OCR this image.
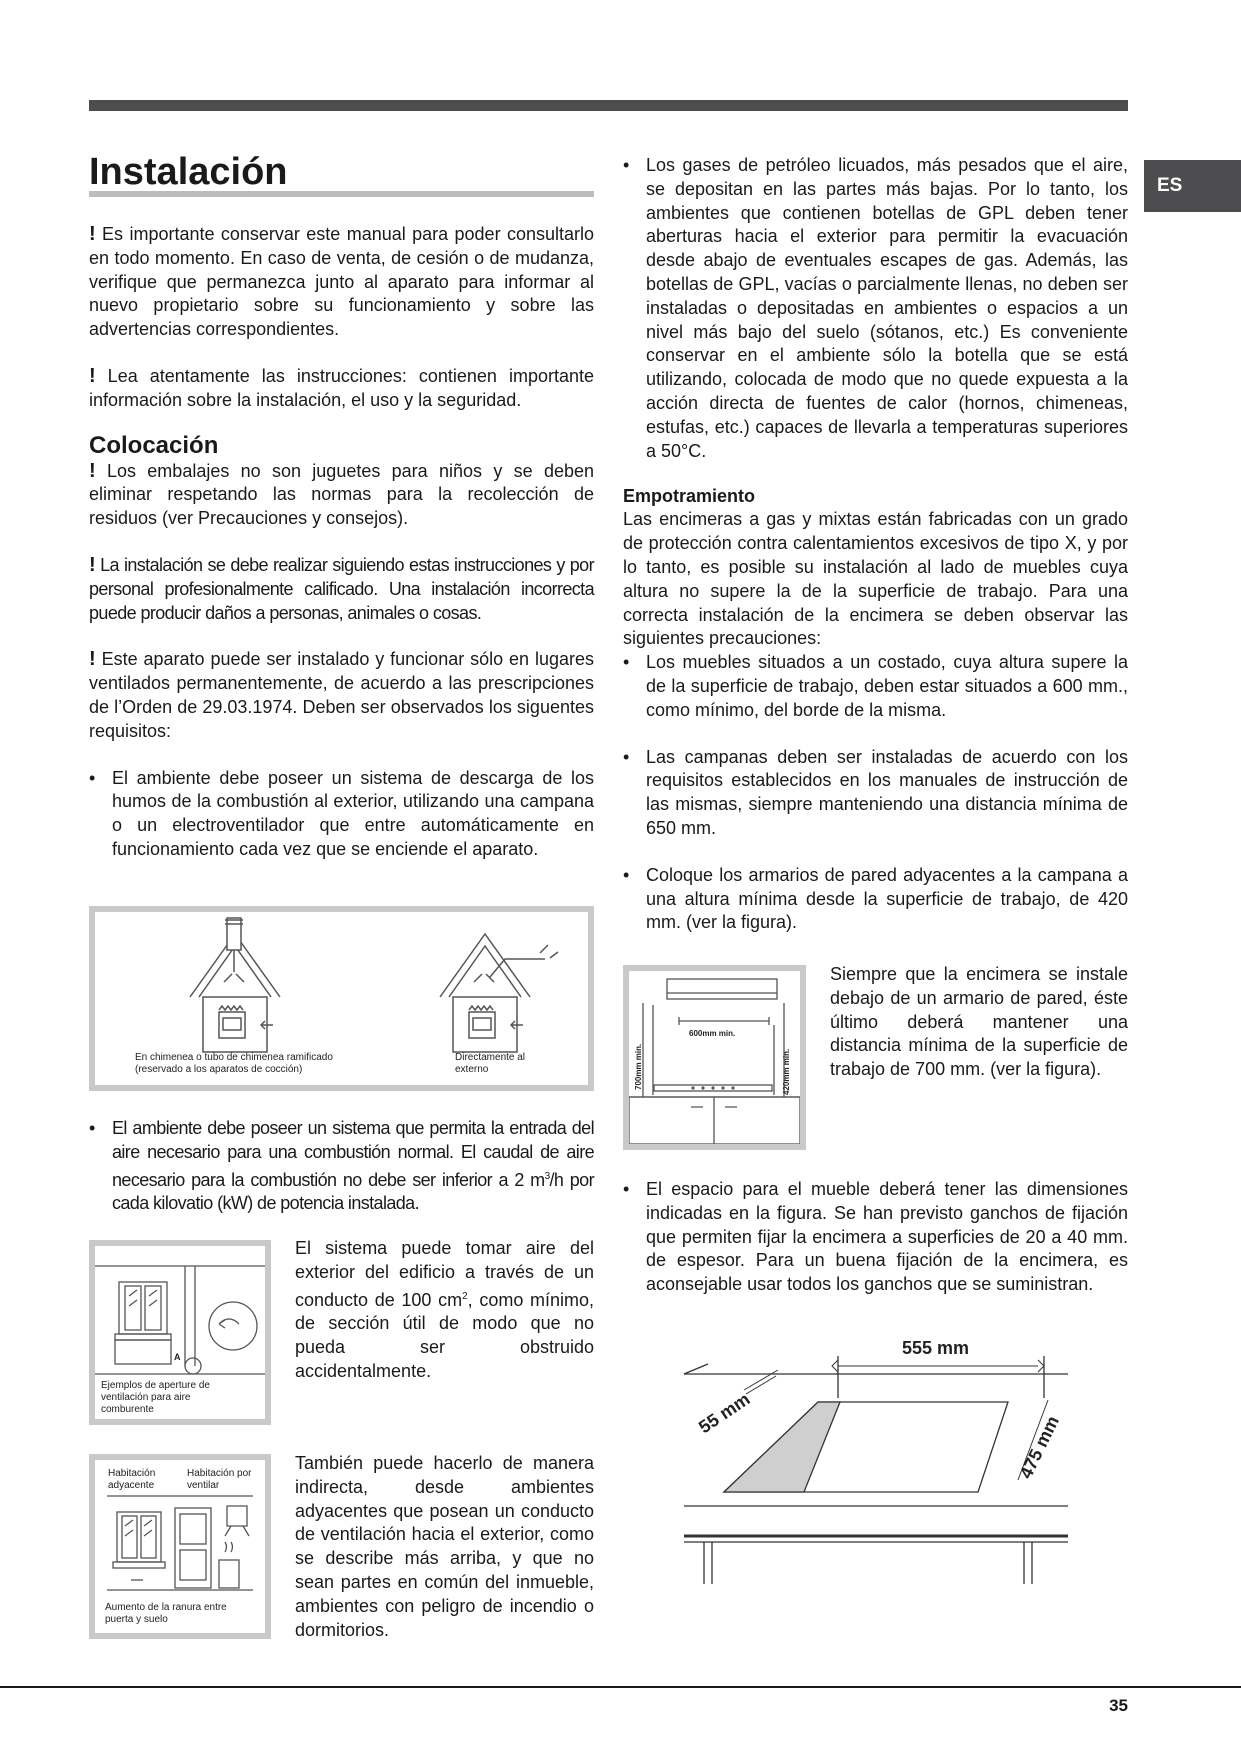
ES
35
Instalación

! Es importante conservar este manual para poder consultarlo en todo momento. En caso de venta, de cesión o de mudanza, verifique que permanezca junto al aparato para informar al nuevo propietario sobre su funcionamiento y sobre las advertencias correspondientes.

! Lea atentamente las instrucciones: contienen importante información sobre la instalación, el uso y la seguridad.

Colocación

! Los embalajes no son juguetes para niños y se deben eliminar respetando las normas para la recolección de residuos (ver Precauciones y consejos).

! La instalación se debe realizar siguiendo estas instrucciones y por personal profesionalmente calificado. Una instalación incorrecta puede producir daños a personas, animales o cosas.

! Este aparato puede ser instalado y funcionar sólo en lugares ventilados permanentemente, de acuerdo a las prescripciones de l’Orden de 29.03.1974. Deben ser observados los siguentes requisitos:

• El ambiente debe poseer un sistema de descarga de los humos de la combustión al exterior, utilizando una campana o un electroventilador que entre automáticamente en funcionamiento cada vez que se enciende el aparato.
En chimenea o tubo de chimenea ramificado (reservado a los aparatos de cocción)
Directamente al externo
• El ambiente debe poseer un sistema que permita la entrada del aire necesario para una combustión normal. El caudal de aire necesario para la combustión no debe ser inferior a 2 $m^3/h$ por cada kilovatio (kW) de potencia instalada.
A
Ejemplos de aperture de ventilación para aire comburente

El sistema puede tomar aire del exterior del edificio a través de un conducto de 100 $cm^2$, como mínimo, de sección útil de modo que no pueda ser obstruido accidentalmente.

Habitación adyacente
Habitación por ventilar
Aumento de la ranura entre puerta y suelo

También puede hacerlo de manera indirecta, desde ambientes adyacentes que posean un conducto de ventilación hacia el exterior, como se describe más arriba, y que no sean partes en común del inmueble, ambientes con peligro de incendio o dormitorios.

• Los gases de petróleo licuados, más pesados que el aire, se depositan en las partes más bajas. Por lo tanto, los ambientes que contienen botellas de GPL deben tener aberturas hacia el exterior para permitir la evacuación desde abajo de eventuales escapes de gas. Además, las botellas de GPL, vacías o parcialmente llenas, no deben ser instaladas o depositadas en ambientes o espacios a un nivel más bajo del suelo (sótanos, etc.) Es conveniente conservar en el ambiente sólo la botella que se está utilizando, colocada de modo que no quede expuesta a la acción directa de fuentes de calor (hornos, chimeneas, estufas, etc.) capaces de llevarla a temperaturas superiores a 50°C.
Empotramiento

Las encimeras a gas y mixtas están fabricadas con un grado de protección contra calentamientos excesivos de tipo X, y por lo tanto, es posible su instalación al lado de muebles cuya altura no supere la de la superficie de trabajo. Para una correcta instalación de la encimera se deben observar las siguientes precauciones:

• Los muebles situados a un costado, cuya altura supere la de la superficie de trabajo, deben estar situados a 600 mm., como mínimo, del borde de la misma.
• Las campanas deben ser instaladas de acuerdo con los requisitos establecidos en los manuales de instrucción de las mismas, siempre manteniendo una distancia mínima de 650 mm.
• Coloque los armarios de pared adyacentes a la campana a una altura mínima desde la superficie de trabajo, de 420 mm. (ver la figura).
600mm min.
700mm min.	420mm min.

Siempre que la encimera se instale debajo de un armario de pared, éste último deberá mantener una distancia mínima de la superficie de trabajo de 700 mm. (ver la figura).

• El espacio para el mueble deberá tener las dimensiones indicadas en la figura. Se han previsto ganchos de fijación que permiten fijar la encimera a superficies de 20 a 40 mm. de espesor. Para un buena fijación de la encimera, es aconsejable usar todos los ganchos que se suministran.
555 mm
55 mm	475 mm
